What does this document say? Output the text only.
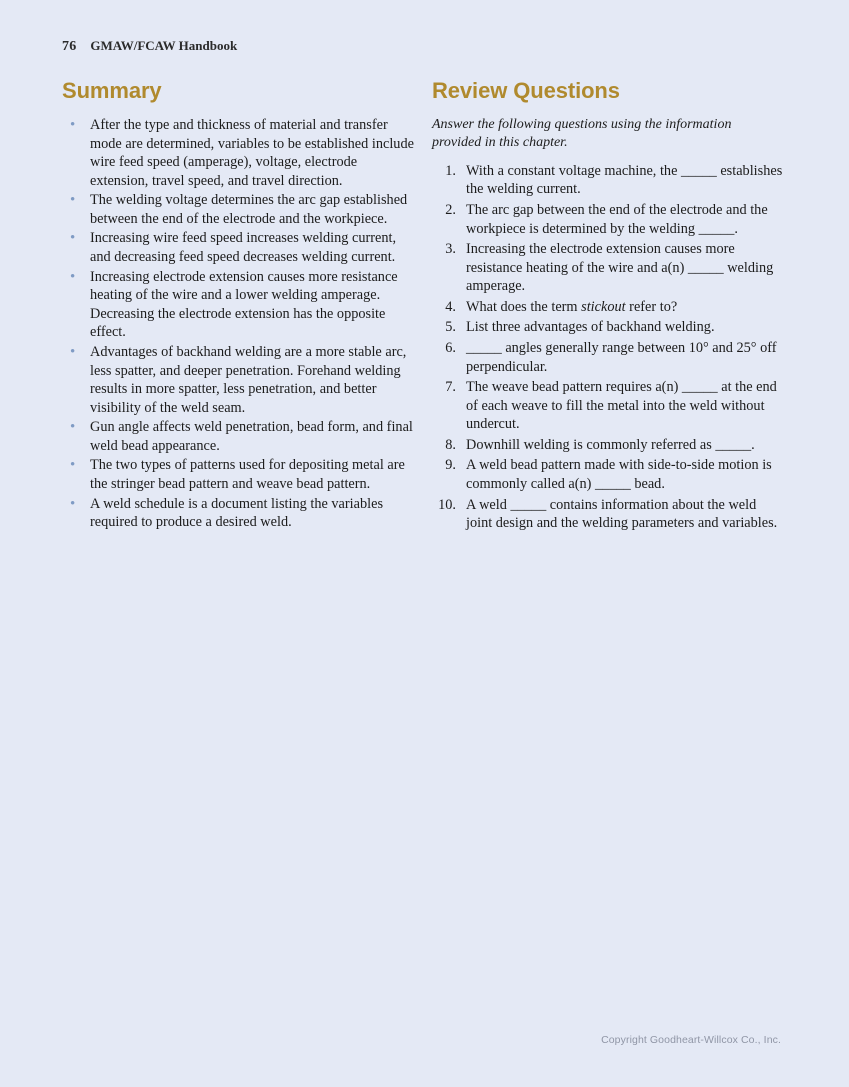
76 GMAW/FCAW Handbook
Summary
• After the type and thickness of material and transfer mode are determined, variables to be established include wire feed speed (amperage), voltage, electrode extension, travel speed, and travel direction.
• The welding voltage determines the arc gap established between the end of the electrode and the workpiece.
• Increasing wire feed speed increases welding current, and decreasing feed speed decreases welding current.
• Increasing electrode extension causes more resistance heating of the wire and a lower welding amperage. Decreasing the electrode extension has the opposite effect.
• Advantages of backhand welding are a more stable arc, less spatter, and deeper penetration. Forehand welding results in more spatter, less penetration, and better visibility of the weld seam.
• Gun angle affects weld penetration, bead form, and final weld bead appearance.
• The two types of patterns used for depositing metal are the stringer bead pattern and weave bead pattern.
• A weld schedule is a document listing the variables required to produce a desired weld.
Review Questions

Answer the following questions using the information provided in this chapter.

1. With a constant voltage machine, the _____ establishes the welding current.
2. The arc gap between the end of the electrode and the workpiece is determined by the welding _____.
3. Increasing the electrode extension causes more resistance heating of the wire and a(n) _____ welding amperage.
4. What does the term stickout refer to?
5. List three advantages of backhand welding.
6. _____ angles generally range between 10° and 25° off perpendicular.
7. The weave bead pattern requires a(n) _____ at the end of each weave to fill the metal into the weld without undercut.
8. Downhill welding is commonly referred as _____.
9. A weld bead pattern made with side-to-side motion is commonly called a(n) _____ bead.
10. A weld _____ contains information about the weld joint design and the welding parameters and variables.
Copyright Goodheart-Willcox Co., Inc.
